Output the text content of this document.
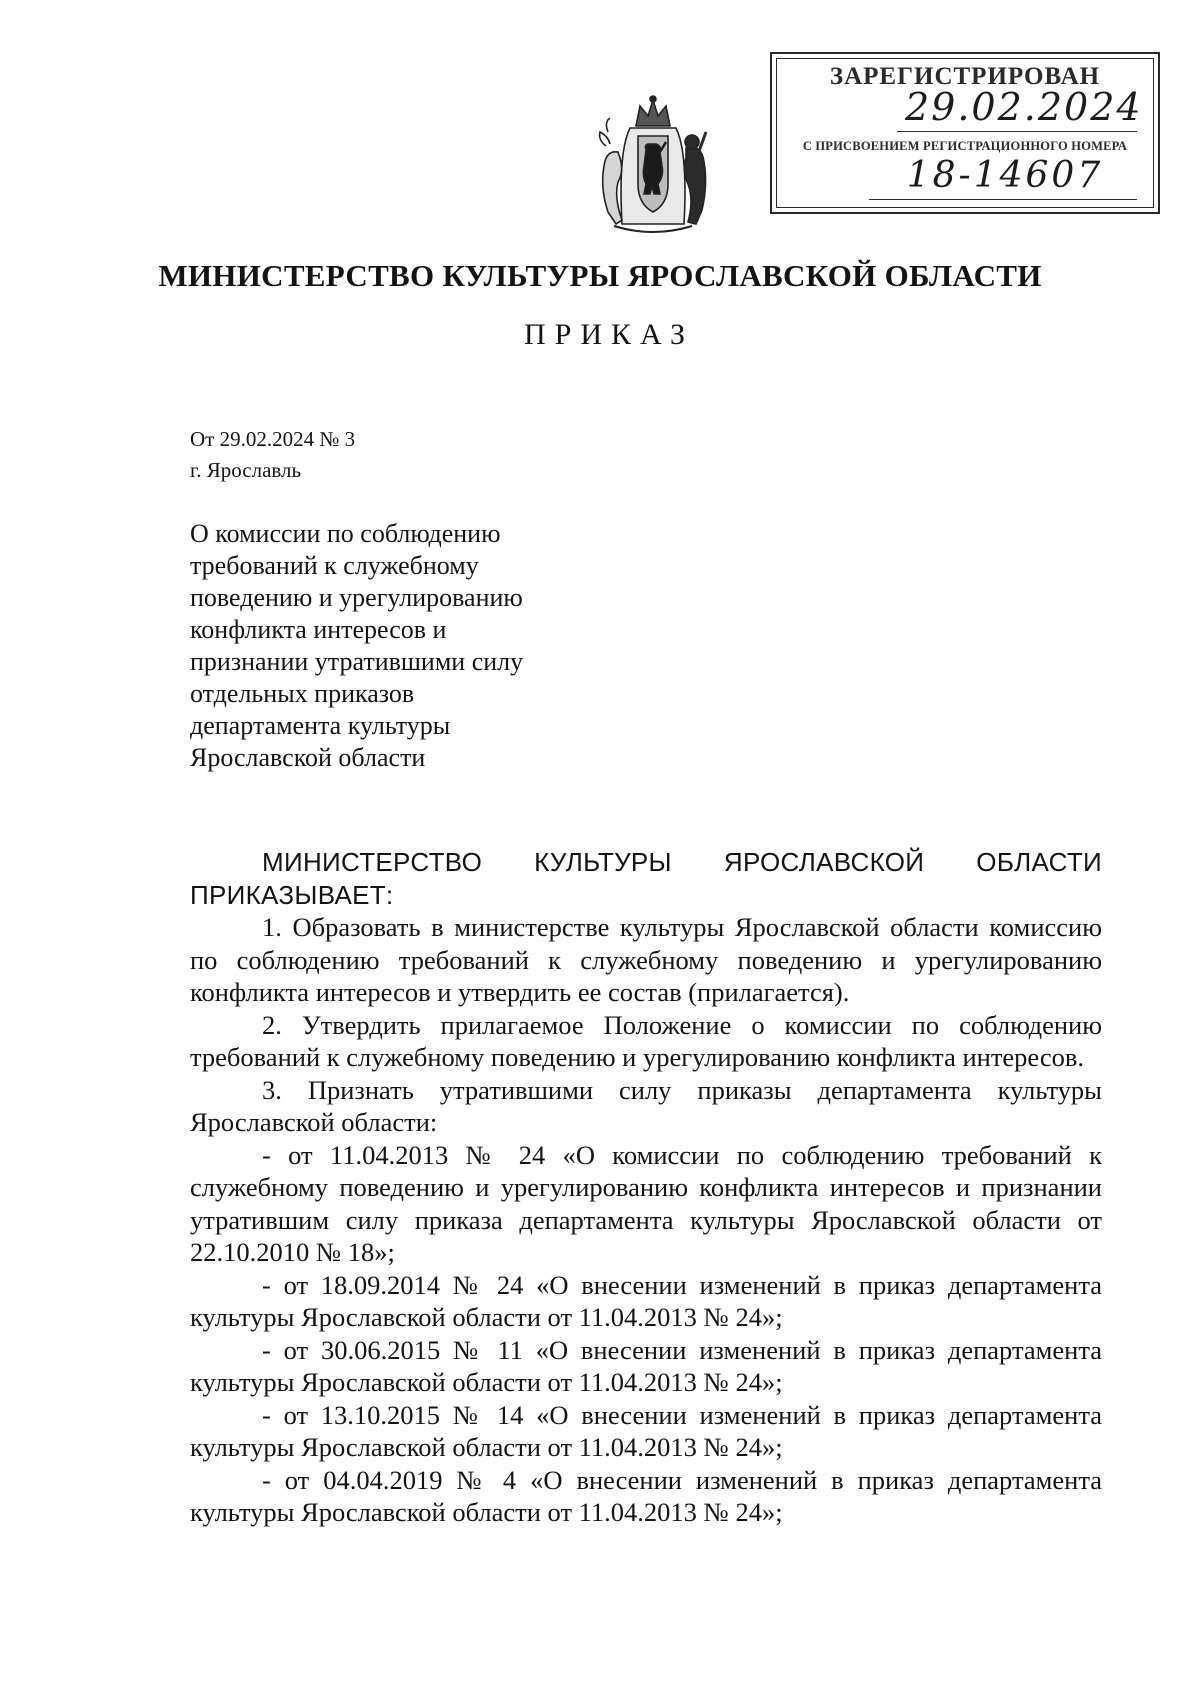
ЗАРЕГИСТРИРОВАН
29.02.2024
С ПРИСВОЕНИЕМ РЕГИСТРАЦИОННОГО НОМЕРА
18-14607
МИНИСТЕРСТВО КУЛЬТУРЫ ЯРОСЛАВСКОЙ ОБЛАСТИ
ПРИКАЗ
От 29.02.2024 № 3
г. Ярославль
О комиссии по соблюдению
требований к служебному
поведению и урегулированию
конфликта интересов и
признании утратившими силу
отдельных приказов
департамента культуры
Ярославской области

МИНИСТЕРСТВО КУЛЬТУРЫ ЯРОСЛАВСКОЙ ОБЛАСТИ

ПРИКАЗЫВАЕТ:

1. Образовать в министерстве культуры Ярославской области комиссию по соблюдению требований к служебному поведению и урегулированию конфликта интересов и утвердить ее состав (прилагается).

2. Утвердить прилагаемое Положение о комиссии по соблюдению требований к служебному поведению и урегулированию конфликта интересов.

3. Признать утратившими силу приказы департамента культуры Ярославской области:

- от 11.04.2013 № 24 «О комиссии по соблюдению требований к служебному поведению и урегулированию конфликта интересов и признании утратившим силу приказа департамента культуры Ярославской области от 22.10.2010 № 18»;

- от 18.09.2014 № 24 «О внесении изменений в приказ департамента культуры Ярославской области от 11.04.2013 № 24»;

- от 30.06.2015 № 11 «О внесении изменений в приказ департамента культуры Ярославской области от 11.04.2013 № 24»;

- от 13.10.2015 № 14 «О внесении изменений в приказ департамента культуры Ярославской области от 11.04.2013 № 24»;

- от 04.04.2019 № 4 «О внесении изменений в приказ департамента культуры Ярославской области от 11.04.2013 № 24»;
